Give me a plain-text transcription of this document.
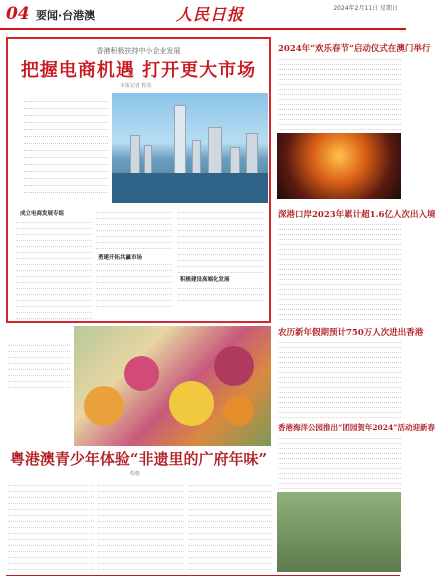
04 要闻·台港澳	人民日报	2024年2月11日 星期日
香港积极扶持中小企业发展
把握电商机遇 打开更大市场
本报记者 程英
成立电商发展专组
勇建开拓共赢市场
积极建设高端化发展
2024年“欢乐春节”启动仪式在澳门举行
深港口岸2023年累计超1.6亿人次出入境
农历新年假期预计750万人次进出香港
香港海洋公园推出“团园贺年2024”活动迎新春
粤港澳青少年体验“非遗里的广府年味”
程俊
